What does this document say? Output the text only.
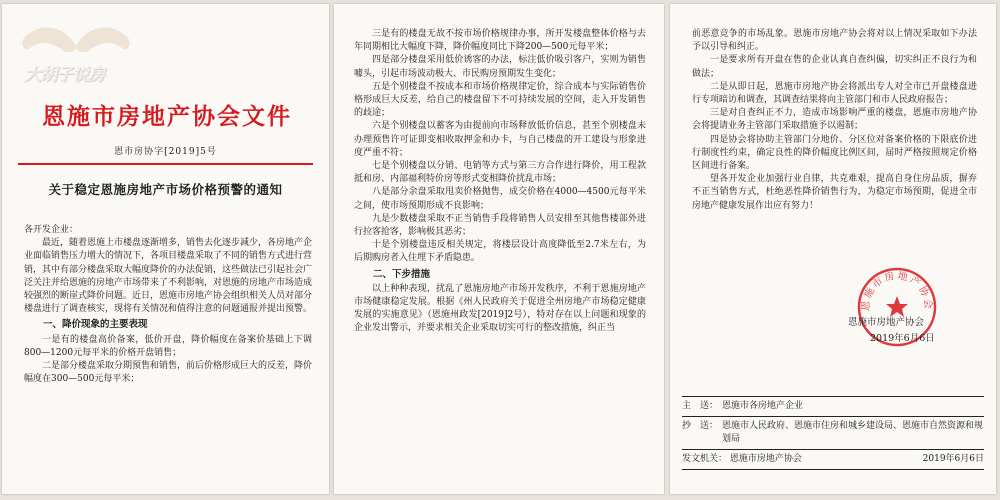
大胡子说房
恩施市房地产协会文件
恩市房协字[2019]5号
关于稳定恩施房地产市场价格预警的通知

各开发企业：

最近，随着恩施上市楼盘逐渐增多，销售去化逐步减少，各房地产企业面临销售压力增大的情况下，各项目楼盘采取了不同的销售方式进行营销，其中有部分楼盘采取大幅度降价的办法促销，这些做法已引起社会广泛关注并给恩施的房地产市场带来了不利影响，对恩施的房地产市场造成较强烈的断崖式降价问题。近日，恩施市房地产协会组织相关人员对部分楼盘进行了调查核实，现将有关情况和值得注意的问题通报并提出预警。

一、降价现象的主要表现

一是有的楼盘高价备案，低价开盘，降价幅度在备案价基础上下调800—1200元每平米的价格开盘销售；

二是部分楼盘采取分期预售和销售，前后价格形成巨大的反差，降价幅度在300—500元每平米；

三是有的楼盘无故不按市场价格规律办事，所开发楼盘整体价格与去年同期相比大幅度下降，降价幅度同比下降200—500元每平米；

四是部分楼盘采用低价诱客的办法，标注低价吸引客户，实则为销售噱头，引起市场波动极大、市民购房预期发生变化；

五是个别楼盘不按成本和市场价格规律定价，综合成本与实际销售价格形成巨大反差，给自己的楼盘留下不可持续发展的空间，走入开发销售的歧途；

六是个别楼盘以蓄客为由提前向市场释放低价信息，甚至个别楼盘未办理预售许可证即变相收取押金和办卡，与自己楼盘的开工建设与形象进度严重不符；

七是个别楼盘以分销、电销等方式与第三方合作进行降价，用工程款抵和房、内部福利特价房等形式变相降价扰乱市场；

八是部分余盘采取甩卖价格抛售，成交价格在4000—4500元每平米之间，使市场预期形成不良影响；

九是少数楼盘采取不正当销售手段将销售人员安排至其他售楼部外进行拉客抢客，影响极其恶劣；

十是个别楼盘违反相关规定，将楼层设计高度降低至2.7米左右，为后期购房者入住埋下矛盾隐患。

二、下步措施

以上种种表现，扰乱了恩施房地产市场开发秩序，不利于恩施房地产市场健康稳定发展。根据《州人民政府关于促进全州房地产市场稳定健康发展的实施意见》（恩施州政发[2019]2号），特对存在以上问题和现象的企业发出警示，并要求相关企业采取切实可行的整改措施，纠正当

前恶意竞争的市场乱象。恩施市房地产协会将对以上情况采取如下办法予以引导和纠正。

一是要求所有开盘在售的企业认真自查纠偏，切实纠正不良行为和做法；

二是从即日起，恩施市房地产协会将派出专人对全市已开盘楼盘进行专项暗访和调查，其调查结果将向主管部门和市人民政府报告；

三是对自查纠正不力，造成市场影响严重的楼盘，恩施市房地产协会将提请业务主管部门采取措施予以遏制；

四是协会将协助主管部门分地价、分区位对备案价格的下限底价进行制度性约束，确定良性的降价幅度比例区间，届时严格按照规定价格区间进行备案。

望各开发企业加强行业自律，共克难艰，提高自身住房品质，摒弃不正当销售方式，杜绝恶性降价销售行为，为稳定市场预期，促进全市房地产健康发展作出应有努力！

恩施市房地产协会
恩施市房地产协会
2019年6月6日
主　送： 恩施市各房地产企业
抄　送： 恩施市人民政府、恩施市住房和城乡建设局、恩施市自然资源和规划局
发文机关： 恩施市房地产协会	2019年6月6日
